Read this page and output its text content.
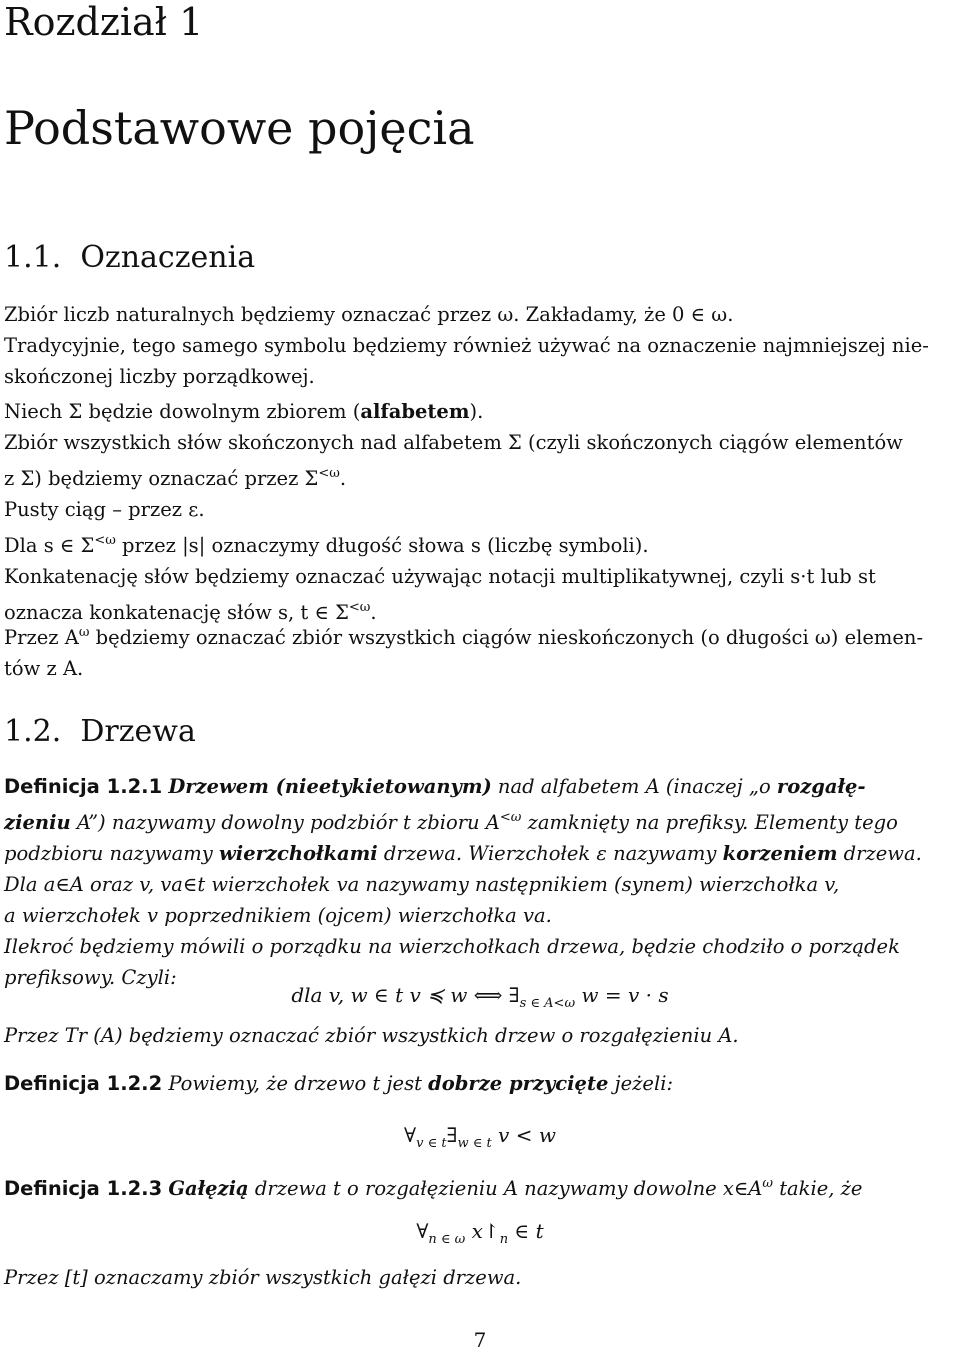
Rozdział 1
Podstawowe pojęcia
1.1. Oznaczenia
Zbiór liczb naturalnych będziemy oznaczać przez ω. Zakładamy, że 0 ∈ ω.
Tradycyjnie, tego samego symbolu będziemy również używać na oznaczenie najmniejszej nie-
skończonej liczby porządkowej.
Niech Σ będzie dowolnym zbiorem (alfabetem).
Zbiór wszystkich słów skończonych nad alfabetem Σ (czyli skończonych ciągów elementów
z Σ) będziemy oznaczać przez $\Sigma^{<\omega}$.
Pusty ciąg – przez ε.
Dla s ∈ $\Sigma^{<\omega}$ przez |s| oznaczymy długość słowa s (liczbę symboli).
Konkatenację słów będziemy oznaczać używając notacji multiplikatywnej, czyli s·t lub st
oznacza konkatenację słów s, t ∈ $\Sigma^{<\omega}$.
Przez $A^\omega$ będziemy oznaczać zbiór wszystkich ciągów nieskończonych (o długości ω) elemen-
tów z A.
1.2. Drzewa
Definicja 1.2.1 Drzewem (nieetykietowanym) nad alfabetem A (inaczej „o rozgałę-
zieniu A”) nazywamy dowolny podzbiór t zbioru $A^{<\omega}$ zamknięty na prefiksy. Elementy tego
podzbioru nazywamy wierzchołkami drzewa. Wierzchołek ε nazywamy korzeniem drzewa.
Dla a∈A oraz v, va∈t wierzchołek va nazywamy następnikiem (synem) wierzchołka v,
a wierzchołek v poprzednikiem (ojcem) wierzchołka va.
Ilekroć będziemy mówili o porządku na wierzchołkach drzewa, będzie chodziło o porządek
prefiksowy. Czyli:
dla v, w ∈ t v ≼ w ⟺ $\exists_{s \in A<\omega}$ w = v · s
Przez Tr (A) będziemy oznaczać zbiór wszystkich drzew o rozgałęzieniu A.
Definicja 1.2.2 Powiemy, że drzewo t jest dobrze przycięte jeżeli:
$\forall_{v \in t}\exists_{w \in t}$ v < w
Definicja 1.2.3 Gałęzią drzewa t o rozgałęzieniu A nazywamy dowolne $x\in A^\omega$ takie, że
$\forall_{n \in \omega}$ $x↾_n$ ∈ t
Przez [t] oznaczamy zbiór wszystkich gałęzi drzewa.
7
